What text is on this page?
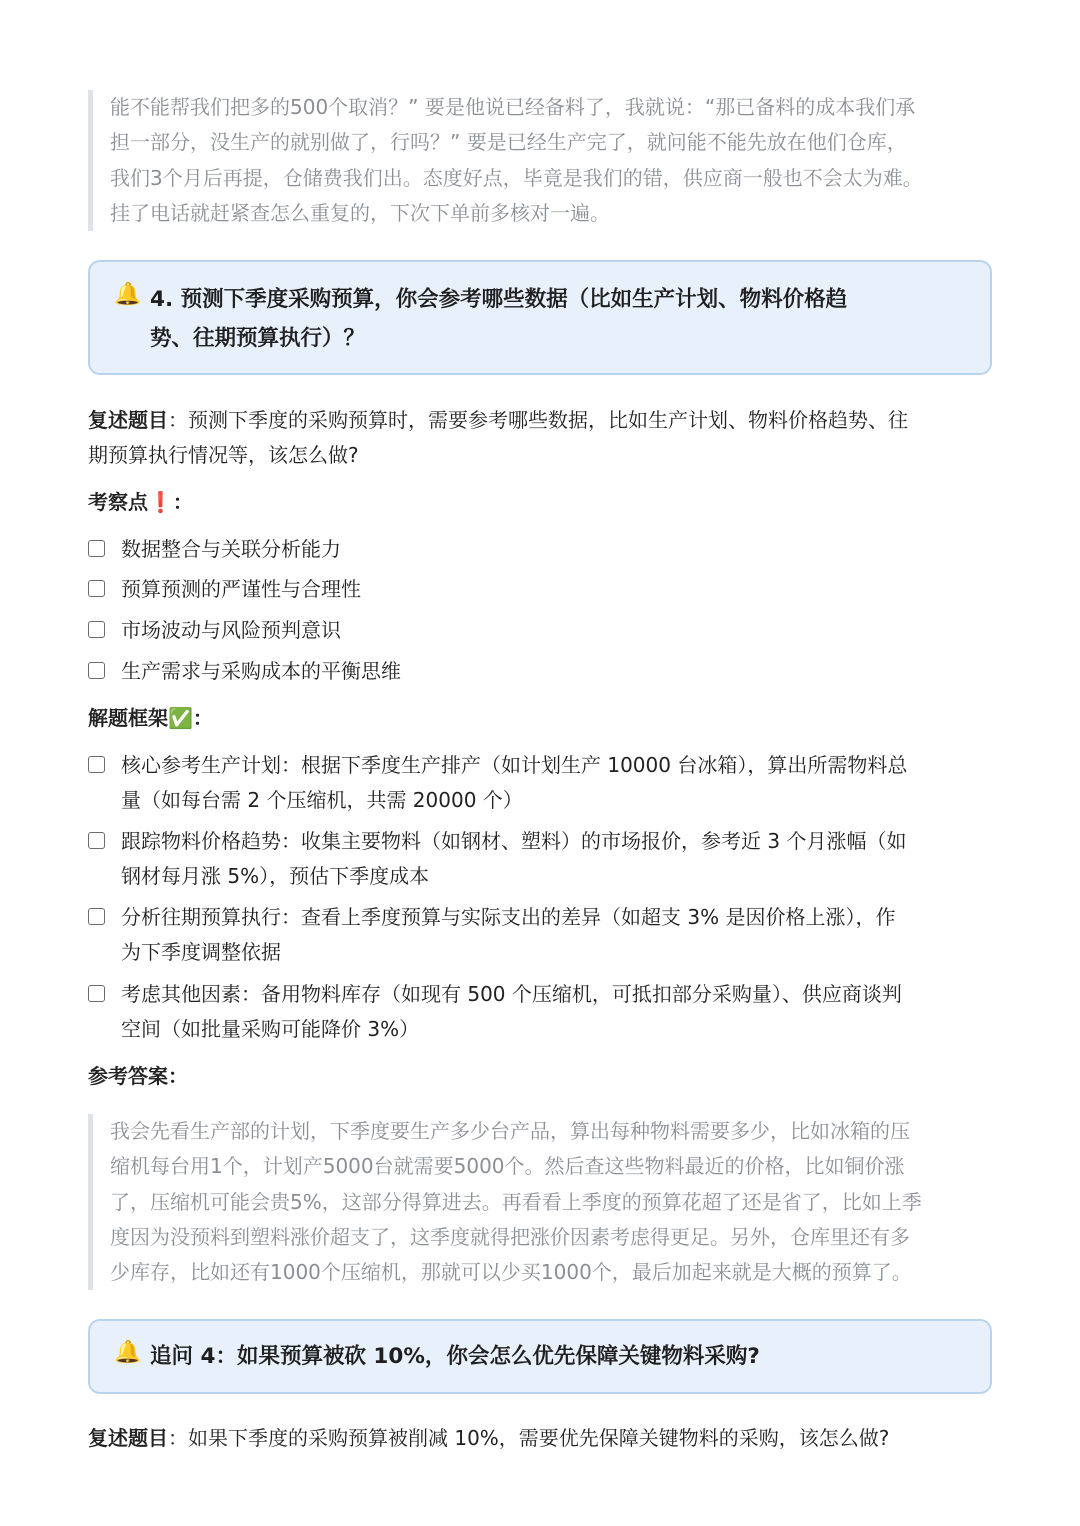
能不能帮我们把多的500个取消？” 要是他说已经备料了，我就说：“那已备料的成本我们承

担一部分，没生产的就别做了，行吗？” 要是已经生产完了，就问能不能先放在他们仓库，

我们3个月后再提，仓储费我们出。态度好点，毕竟是我们的错，供应商一般也不会太为难。

挂了电话就赶紧查怎么重复的，下次下单前多核对一遍。

🔔 4. 预测下季度采购预算，你会参考哪些数据（比如生产计划、物料价格趋
势、往期预算执行）？
复述题目：预测下季度的采购预算时，需要参考哪些数据，比如生产计划、物料价格趋势、往
期预算执行情况等，该怎么做?
考察点❗：
数据整合与关联分析能力
预算预测的严谨性与合理性
市场波动与风险预判意识
生产需求与采购成本的平衡思维
解题框架✅：
核心参考生产计划：根据下季度生产排产（如计划生产 10000 台冰箱），算出所需物料总
量（如每台需 2 个压缩机，共需 20000 个）
跟踪物料价格趋势：收集主要物料（如钢材、塑料）的市场报价，参考近 3 个月涨幅（如
钢材每月涨 5%），预估下季度成本
分析往期预算执行：查看上季度预算与实际支出的差异（如超支 3% 是因价格上涨），作
为下季度调整依据
考虑其他因素：备用物料库存（如现有 500 个压缩机，可抵扣部分采购量）、供应商谈判
空间（如批量采购可能降价 3%）
参考答案：

我会先看生产部的计划，下季度要生产多少台产品，算出每种物料需要多少，比如冰箱的压

缩机每台用1个，计划产5000台就需要5000个。然后查这些物料最近的价格，比如铜价涨

了，压缩机可能会贵5%，这部分得算进去。再看看上季度的预算花超了还是省了，比如上季

度因为没预料到塑料涨价超支了，这季度就得把涨价因素考虑得更足。另外，仓库里还有多

少库存，比如还有1000个压缩机，那就可以少买1000个，最后加起来就是大概的预算了。

🔔 追问 4：如果预算被砍 10%，你会怎么优先保障关键物料采购?
复述题目：如果下季度的采购预算被削减 10%，需要优先保障关键物料的采购，该怎么做?
